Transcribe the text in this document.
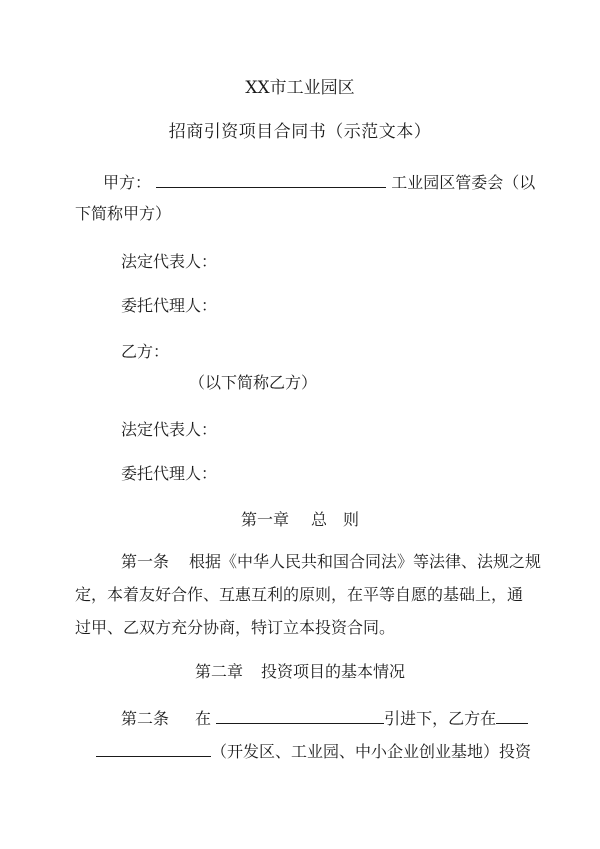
XX市工业园区
招商引资项目合同书（示范文本）
甲方：	工业园区管委会（以
下简称甲方）
法定代表人：
委托代理人：
乙方：
（以下简称乙方）
法定代表人：
委托代理人：
第一章 总　则
第一条 根据《中华人民共和国合同法》等法律、法规之规
定，本着友好合作、互惠互利的原则，在平等自愿的基础上，通
过甲、乙双方充分协商，特订立本投资合同。
第二章 投资项目的基本情况
第二条 在	引进下，乙方在
（开发区、工业园、中小企业创业基地）投资
